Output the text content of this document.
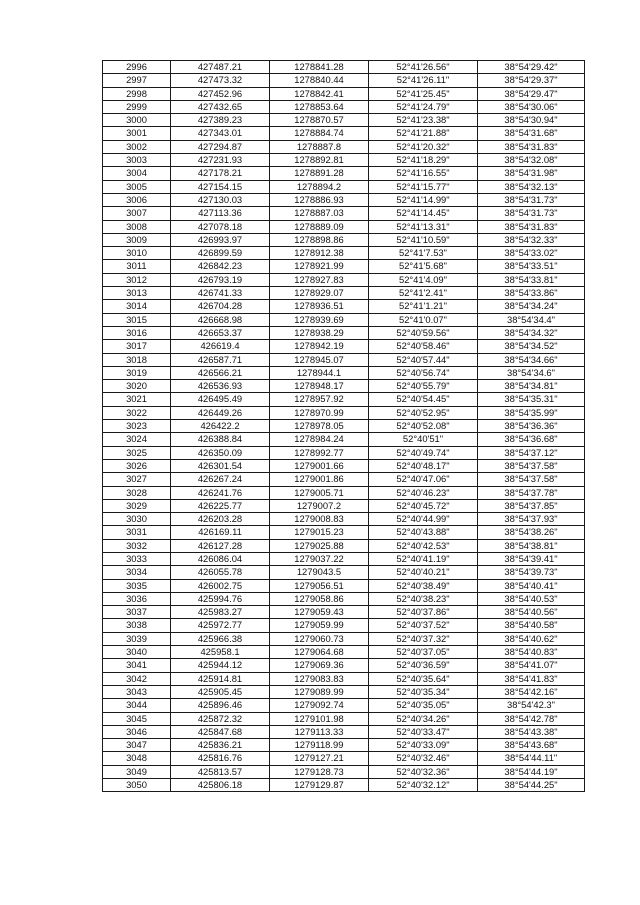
2996	427487.21	1278841.28	52°41'26.56"	38°54'29.42"
2997	427473.32	1278840.44	52°41'26.11"	38°54'29.37"
2998	427452.96	1278842.41	52°41'25.45"	38°54'29.47"
2999	427432.65	1278853.64	52°41'24.79"	38°54'30.06"
3000	427389.23	1278870.57	52°41'23.38"	38°54'30.94"
3001	427343.01	1278884.74	52°41'21.88"	38°54'31.68"
3002	427294.87	1278887.8	52°41'20.32"	38°54'31.83"
3003	427231.93	1278892.81	52°41'18.29"	38°54'32.08"
3004	427178.21	1278891.28	52°41'16.55"	38°54'31.98"
3005	427154.15	1278894.2	52°41'15.77"	38°54'32.13"
3006	427130.03	1278886.93	52°41'14.99"	38°54'31.73"
3007	427113.36	1278887.03	52°41'14.45"	38°54'31.73"
3008	427078.18	1278889.09	52°41'13.31"	38°54'31.83"
3009	426993.97	1278898.86	52°41'10.59"	38°54'32.33"
3010	426899.59	1278912.38	52°41'7.53"	38°54'33.02"
3011	426842.23	1278921.99	52°41'5.68"	38°54'33.51"
3012	426793.19	1278927.83	52°41'4.09"	38°54'33.81"
3013	426741.33	1278929.07	52°41'2.41"	38°54'33.86"
3014	426704.28	1278936.51	52°41'1.21"	38°54'34.24"
3015	426668.98	1278939.69	52°41'0.07"	38°54'34.4"
3016	426653.37	1278938.29	52°40'59.56"	38°54'34.32"
3017	426619.4	1278942.19	52°40'58.46"	38°54'34.52"
3018	426587.71	1278945.07	52°40'57.44"	38°54'34.66"
3019	426566.21	1278944.1	52°40'56.74"	38°54'34.6"
3020	426536.93	1278948.17	52°40'55.79"	38°54'34.81"
3021	426495.49	1278957.92	52°40'54.45"	38°54'35.31"
3022	426449.26	1278970.99	52°40'52.95"	38°54'35.99"
3023	426422.2	1278978.05	52°40'52.08"	38°54'36.36"
3024	426388.84	1278984.24	52°40'51"	38°54'36.68"
3025	426350.09	1278992.77	52°40'49.74"	38°54'37.12"
3026	426301.54	1279001.66	52°40'48.17"	38°54'37.58"
3027	426267.24	1279001.86	52°40'47.06"	38°54'37.58"
3028	426241.76	1279005.71	52°40'46.23"	38°54'37.78"
3029	426225.77	1279007.2	52°40'45.72"	38°54'37.85"
3030	426203.28	1279008.83	52°40'44.99"	38°54'37.93"
3031	426169.11	1279015.23	52°40'43.88"	38°54'38.26"
3032	426127.28	1279025.88	52°40'42.53"	38°54'38.81"
3033	426086.04	1279037.22	52°40'41.19"	38°54'39.41"
3034	426055.78	1279043.5	52°40'40.21"	38°54'39.73"
3035	426002.75	1279056.51	52°40'38.49"	38°54'40.41"
3036	425994.76	1279058.86	52°40'38.23"	38°54'40.53"
3037	425983.27	1279059.43	52°40'37.86"	38°54'40.56"
3038	425972.77	1279059.99	52°40'37.52"	38°54'40.58"
3039	425966.38	1279060.73	52°40'37.32"	38°54'40.62"
3040	425958.1	1279064.68	52°40'37.05"	38°54'40.83"
3041	425944.12	1279069.36	52°40'36.59"	38°54'41.07"
3042	425914.81	1279083.83	52°40'35.64"	38°54'41.83"
3043	425905.45	1279089.99	52°40'35.34"	38°54'42.16"
3044	425896.46	1279092.74	52°40'35.05"	38°54'42.3"
3045	425872.32	1279101.98	52°40'34.26"	38°54'42.78"
3046	425847.68	1279113.33	52°40'33.47"	38°54'43.38"
3047	425836.21	1279118.99	52°40'33.09"	38°54'43.68"
3048	425816.76	1279127.21	52°40'32.46"	38°54'44.11"
3049	425813.57	1279128.73	52°40'32.36"	38°54'44.19"
3050	425806.18	1279129.87	52°40'32.12"	38°54'44.25"
